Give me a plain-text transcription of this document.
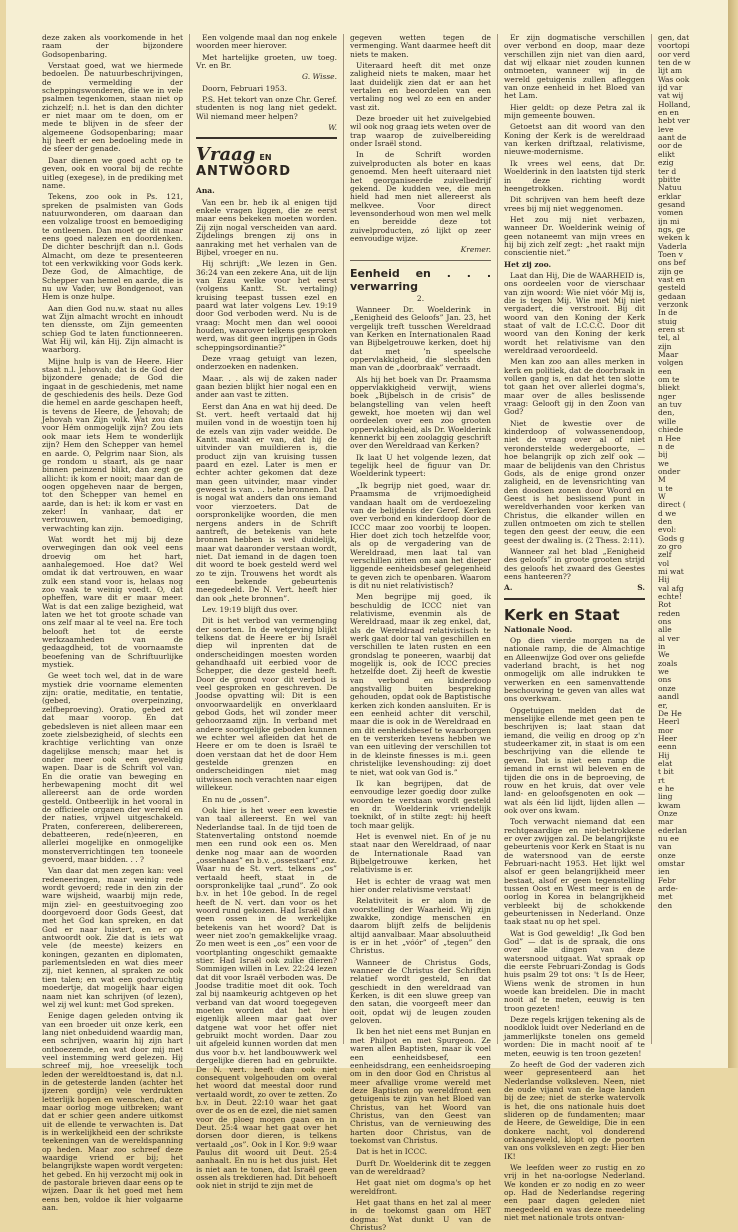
deze zaken als voorkomende in het raam der bijzondere Godsopenbaring.

Verstaat goed, wat we hiermede bedoelen. De natuurbeschrijvingen, de vermelding der scheppingswonderen, die we in vele psalmen tegenkomen, staan niet op zichzelf; n.l. het is dan den dichter er niet maar om te doen, om er mede te blijven in de sfeer der algemeene Godsopenbaring; maar hij heeft er een bedoeling mede in de sfeer der genade.

Daar dienen we goed acht op te geven, ook en vooral bij de rechte uitleg (exegese), in de prediking met name.

Tekens, zoo ook in Ps. 121, spreken de psalmisten van Gods natuurwonderen, om daaraan dan een volzalige troost en bemoediging te ontleenen. Dan moet ge dit maar eens goed nalezen en doordenken. De dichter beschrijft dan n.l. Gods Almacht, om deze te presenteeren tot een verkwikking voor Gods kerk. Deze God, de Almachtige, de Schepper van hemel en aarde, die is nu uw Vader, uw Bondgenoot, van Hem is onze hulpe.

Aan dien God nu.w. staat nu alles wat Zijn almacht wrocht en inhoudt ten diensste, om Zijn gemeenten schiep God te laten functionneeren. Wat Hij wil, kán Hij. Zijn almacht is waarborg.

Mijne hulp is van de Heere. Hier staat n.l. Jehovah; dat is de God der bijzondere genade; de God die ingaat in de geschiedenis, met name de geschiedenis des heils. Deze God die hemel en aarde geschapen heeft, is tevens de Heere, de Jehovah; de Jehovah van Zijn volk. Wat zou dan voor Hém onmogelijk zijn? Zou iets ook maar iets Hem te wonderlijk zijn? Hem den Schepper van hemel en aarde. O, Pelgrim naar Sion, als ge rondom u staart, als ge naar binnen peinzend blikt, dan zegt ge allicht: ik kom er nooit; maar dan de oogen opgeheven naar de bergen, tot den Schepper van hemel en aarde, dan is het: ik kom er vast en zeker! In vanhaar, dat er vertrouwen, bemoediging, verwachting kan zijn.

Wat wordt het mij bij deze overwegingen dan ook veel eens droevig om het hart, aanhalegemoed. Hoe dat? Wel omdat ik dat vertrouwen, en waar zulk een stand voor is, helaas nog zoo vaak te weinig voedt. O, dat opheffen, ware dit er maar meer. Wat is dat een zalige bezigheid, wat laten we het tot groote schade van ons zelf maar al te veel na. Ere toch belooft het tot de eerste werkzaamheden van de gedaagdheid, tot de voornaamste beoefening van de Schriftuurlijke mystiek.

Ge weet toch wel, dat in de ware mystiek drie voorname elementen zijn: oratie, meditatie, en tentatie, (gebed, overpeinzing, zelfbeproeving). Oratio, gebed zet dat maar voorop. En dat gebedsleven is niet alleen maar een zoete zielsbezigheid, of slechts een krachtige verlichting van onze dagelijkse mensch; maar het is onder meer ook een geweldig wapen. Daar is de Schrift vol van. En die oratie van beweging en herbewapening mocht dit wel allereerst aan de orde worden gesteld. Ontbeerlijk in het vooral in de officieele organen der wereld en der naties, vrijwel uitgeschakeld. Praten, conferereen, deliberereen, debatteeren, rede(n)eeren, en allerlei mogelijke en onmogelijke monsterverrichtingen ten tooneele gevoerd, maar bidden. . . ?

Van daar dat men zegen kan: veel redeneeringen, maar weinig rede wordt gevoerd; rede in den zin der ware wijsheid, waarbij mijn rede, mijn ziel- en geestuitvoeging zoo doorgevoerd door Gods Geest, dat met het God kan spreken, en dat God er naar luistert, en er op antwoordt ook. Zie dat is iets wat vele (de meeste) keizers en koningen, gezanten en diplomaten, parlementsleden en wat dies meer zij, niet kennen, al spraken ze ook tien talen; en wat een godvruchtig moedertje, dat mogelijk haar eigen naam niet kan schrijven (of lezen), wel zij wel kunt: met God spreken.

Eenige dagen geleden ontving ik van een broeder uit onze kerk, een lang niet onbeduidend waardig man, een schrijven, waarin hij zijn hart ontboezemde, en wat door mij met veel instemming werd gelezen. Hij schreef mij, hoe vreeselijk toch leden der wereldtoestand is, dat n.l. in de getesterde landen (achter het ijzeren gordijn) vele verdrukten letterlijk hopen en wenschen, dat er maar oorlog moge uitbreken; want dat er schier geen andere uitkomst uit de ellende te verwachten is. Dat is in werkelijkheid een der schrikste teekeningen van de wereldspanning op heden. Maar zoo schreef deze waardige vriend er bij; het belangrijkste wapen wordt vergeten: het gebed. En hij verzocht mij ook in de pastorale brieven daar eens op te wijzen. Daar ik het goed met hem eens ben, voldoe ik hier volgaarne aan.

Een volgende maal dan nog enkele woorden meer hierover.

Met hartelijke groeten, uw toeg. Vr. en Br.

G. Wisse.

Doorn, Februari 1953.

P.S. Het tekort van onze Chr. Geref. studenten is nog lang niet gedekt. Wil niemand meer helpen?

W.

Vraag EN
ANTWOORD

Ana.

Van een br. heb ik al enigen tijd enkele vragen liggen, die ze eerst maar eens bekeken moeten worden. Zij zijn nogal verscheiden van aard. Zijdelings brengen zij ons in aanraking met het verhalen van de Bijbel, vroeger en nu.

Hij schrijft: „We lezen in Gen. 36:24 van een zekere Ana, uit de lijn van Ezau welke voor het eerst (volgens Kantt. St. vertaling) kruising teepast tussen ezel en paard wat later volgens Lev. 19:19 door God verboden werd. Nu is de vraag: Mocht men dan wel ooooi houden, waarover telkens gesproken werd, was dit geen ingrijpen in Gods scheppingsordinantie?”

Deze vraag getuigt van lezen, onderzoeken en nadenken.

Maar. . . als wij de zaken nader gaan bezien blijkt hier nogal een en ander aan vast te zitten.

Eerst dan Ana en wat hij deed. De St. vert. heeft vertaald dat hij muilen vond in de woestijn toen hij de ezels van zijn vader weidde. De Kantt. maakt er van, dat hij de uitvinder van muildieren is, die product zijn van kruising tussen paard en ezel. Later is men er echter achter gekomen dat deze man geen uitvinder, maar vinder geweest is van. . . hete bronnen. Dat is nogal wat anders dan ons iemand voor vierzoeters. Dat de oorspronkelijke woorden, die men nergens anders in de Schrift aantreft, de betekenis van hete bronnen hebben is wel duidelijk, maar wat daaronder verstaan wordt, niet. Dat iemand in de dagen toen dit woord te boek gesteld werd wel zo te zijn. Trouwens het wordt als een bekende gebeurtenis meegedeeld. De N. Vert. heeft hier dan ook „hete bronnen”.

Lev. 19:19 blijft dus over.

Dit is het verbod van vermenging der soorten. In de wetgeving blijkt telkens dat de Heere er bij Israël diep wil inprenten dat de onderscheidingen moesten worden gehandhaafd uit eerbied voor de Schepper, die deze gesteld heeft. Door de grond voor dit verbod is veel gesproken en geschreven. De Joodse opvatting wil: Dit is een onvoorwaardelijk en onverklaard gebod Gods, het wil zonder meer gehoorzaamd zijn. In verband met andere soortgelijke geboden kunnen we echter wel afleiden dat het de Heere er om te doen is Israël te doen verstaan dat het de door Hem gestelde grenzen en onderscheidingen niet mag uitwissen noch verachten naar eigen willekeur.

En nu de „ossen”.

Ook hier is het weer een kwestie van taal allereerst. En wel van Nederlandse taal. In de tijd toen de Statenvertaling ontstond noemde men een rund ook een os. Men denke nog maar aan de woorden „ossenhaas” en b.v. „ossestaart” enz. Waar nu de St. vert. telkens „os” vertaald heeft, staat in de oorspronkelijke taal „rund”. Zo ook b.v. in het 10e gebod. In de regel heeft de N. vert. dan voor os het woord rund gekozen. Had Israël dan geen ossen in de werkelijke betekenis van het woord? Dat is weer niet zoo'n gemakkelijke vraag. Zo men weet is een „os” een voor de voortplanting ongeschikt gemaakte stier. Had Israël ook zulke dieren? Sommigen willen in Lev. 22:24 lezen dat dit voor Israël verboden was. De Joodse traditie moet dit ook. Toch zal bij naamkeurig achtgeven op het verband van dat woord toegegeven moeten worden dat het hier eigenlijk alleen maar gaat over datgene wat voor het offer niet gebruikt mocht worden. Daar zou uit afgeleid kunnen worden dat men dus voor b.v. het landbouwwerk wel dergelijke dieren had en gebruikte. De N. vert. heeft dan ook niet consequent volgehouden om overal het woord dat meestal door rund vertaald wordt, zo over te zetten. Zo b.v. in Deut. 22:10 waar het gaat over de os en de ezel, die niet samen voor de ploeg mogen gaan en in Deut. 25:4 waar het gaat over het dorsen door dieren, is telkens vertaald „os”. Ook in I Kor. 9:9 waar Paulus dit woord uit Deut. 25:4 aanhaalt. En nu is het dus juist. Het is niet aan te tonen, dat Israël geen ossen als trekdieren had. Dit behoeft ook niet in strijd te zijn met de

gegeven wetten tegen de vermenging. Want daarmee heeft dit niets te maken.

Uiteraard heeft dit met onze zaligheid niets te maken, maar het laat duidelijk zien dat er aan het vertalen en beoordelen van een vertaling nog wel zo een en ander vast zit.

Deze broeder uit het zuivelgebied wil ook nog graag iets weten over de trap waarop de zuivelbereiding onder Israël stond.

In de Schrift worden zuivelproducten als boter en kaas genoemd. Men heeft uiteraard niet het georganiseerde zuivelbedrijf gekend. De kudden vee, die men hield had men niet allereerst als melkvee. Voor direct levensonderhoud won men wel melk en bereidde deze tot zuivelproducten, zó lijkt op zeer eenvoudige wijze.

Kremer.

Eenheid en . . . verwarring

2.

Wanneer Dr. Woelderink in „Eenigheid des Geloofs” Jan. 23, het vergelijk treft tusschen Wereldraad van Kerken en Internationalen Raad van Bijbelgetrouwe kerken, doet hij dat met ’n speelsche oppervlakkigheid, die slechts den man van de „doorbraak” verraadt.

Als hij het boek van Dr. Praamsma oppervlakkigheid verwijt, wiens boek „Bijbelsch in de crisis” de belangstelling van velen heeft gewekt, hoe moeten wij dan wel oordeelen over een zoo grooten oppervlakkigheid, als Dr. Woelderink kennerkt bij een zoolaggig geschrift over den Wereldraad van Kerken?

Ik laat U het volgende lezen, dat tegelijk heel de figuur van Dr. Woelderink typeert:

„Ik begrijp niet goed, waar dr. Praamsma de vrijmoedigheid vandaan haalt om de verdoezeling van de belijdenis der Geref. Kerken over verbond en kinderdoop door de ICCC maar zoo voorbij te loopen. Hier doet zich toch hetzelfde voor, als op de vergadering van de Wereldraad, men laat tal van verschillen zitten om aan het dieper liggende eenheidsbesef gelegenheid te geven zich te openbaren. Waarom is dit nu niet relativistisch?

Men begrijpe mij goed, ik beschuldig de ICCC niet van relativisme, evenmin als de Wereldraad, maar ik zeg enkel, dat, als de Wereldraad relativistisch te werk gaat door tal van geschillen en verschillen te laten rusten en een grondslag te poneeren, waarbij dat mogelijk is, ook de ICCC precies hetzelfde doet. Zij heeft de kwestie van verbond en kinderdoop angstvallig buiten bespreking gehouden, opdat ook de Baptistische kerken zich konden aansluiten. Er is een eenheid achter dit verschil, maar die is ook in de Wereldraad en om dit eenheidsbesef te waarborgen en te versterken tevens hebben we van een uitleving der verschillen tot in de kleinste finesses is m.i. geen christelijke levenshouding: zij doet te niet, wat ook van God is.”

Ik kan begrijpen, dat de eenvoudige lezer goedig door zulke woorden te verstaan wordt gesteld en dr. Woelderink vriendelijk toeknikt, of in stilte zegt: hij heeft toch maar gelijk.

Het is evenwel niet. En of je nu staat naar den Wereldraad, of naar de Internationale Raad van Bijbelgetrouwe kerken, het relativisme is er.

Het is echter de vraag wat men hier onder relativisme verstaat!

Relativiteit is er alom in de voorstelling der Waarheid. Wij zijn zwakke, zondige menschen en daarom blijft zelfs de belijdenis altijd aanvalbaar. Maar absoluutheid is er in het „vóór” of „tegen” den Christus.

Wanneer de Christus Gods, wanneer de Christus der Schriften relatief wordt gesteld, en dat geschiedt in den wereldraad van Kerken, is dit een sluwe greep van den satan, die voorgeeft meer dan ooit, opdat wij de leugen zouden geloven.

Ik ben het niet eens met Bunjan en met Philpot en met Spurgeon. Ze waren allen Baptisten, maar ik voel een eenheidsbesef, een eenheidsdrang, een eenheidsroeping om in den door God en Christus al meer afvallige vrome wereld met deze Baptisten op wereldfront een getuigenis te zijn van het Bloed van Christus, van het Woord van Christus, van den Geest van Christus, van de vernieuwing des harten door Christus, van de toekomst van Christus.

Dat is het in ICCC.

Durft Dr. Woelderink dit te zeggen van de wereldraad?

Het gaat niet om dogma's op het wereldfront.

Het gaat thans en het zal al meer in de toekomst gaan om HET dogma: Wat dunkt U van de Christus?

Er zijn dogmatische verschillen over verbond en doop, maar deze verschillen zijn niet van dien aard, dat wij elkaar niet zouden kunnen ontmoeten, wanneer wij in de wereld getuigenis zullen afleggen van onze eenheid in het Bloed van het Lam.

Hier geldt: op deze Petra zal ik mijn gemeente bouwen.

Getoetst aan dit woord van den Koning der Kerk is de wereldraad van kerken driftzaal, relativisme, nieuwe-modernisme.

Ik vrees wel eens, dat Dr. Woelderink in den laatsten tijd sterk in deze richting wordt heengetrokken.

Dit schrijven van hem heeft deze vrees bij mij niet weggenomen.

Het zou mij niet verbazen, wanneer Dr. Woelderink weinig of geen notaneemt van mijn vrees en hij bij zich zelf zegt: „het raakt mijn conscientie niet.”

Het zij zoo.

Laat dan Hij, Die de WAARHEID is, ons oordeelen voor de vierschaar van zijn woord: Wie niet vóór Mij is, die is tegen Mij. Wie met Mij niet vergadert, die verstrooit. Bij dit woord van den Koning der Kerk staat of valt de I.C.C.C. Door dit woord van den Koning der kerk wordt het relativisme van den wereldraad veroordeeld.

Men kan zoo aan alles merken in kerk en politiek, dat de doorbraak in vollen gang is, en dat het ten slotte tot gaan het over allerlei dogma's, maar over de alles beslissende vraag: Gelooft gij in den Zoon van God?

Niet de kwestie over de kinderdoop of volwassenendoop, niet de vraag over al of niet veronderstelde wedergeboorte, — hoe belangrijk op zich zelf ook — maar de belijdenis van den Christus Gods, als de enige grond onzer zaligheid, en de levensrichting van den doodsen zonen door Woord en Geest is het beslissend punt in wereldverhanden voor kerken van Christus, die elkander willen en zullen ontmoeten om zich te stellen tegen den geest der eeuw, die een geest der dwaling is. (2 Thess. 2:11).

Wanneer zal het blad „Eenigheid des geloofs” in groote grooten strijd des geloofs het zwaard des Geestes eens hanteeren??

A.	S.
Kerk en Staat

Nationale Nood.

Op dien vierde morgen na de nationale ramp, die de Almachtige en Alleenwijze God over ons geliefde vaderland bracht, is het nog onmogelijk om alle indrukken te verwerken en een samenvattende beschouwing te geven van alles wat ons overkwam.

Opgetuigen melden dat de menselijke ellende met geen pen te beschrijven is; laat staan dat iemand, die veilig en droog op z'n studeerkamer zit, in staat is om een beschrijving van die ellende te geven. Dat is niet een ramp die iemand in ernst wil beleven en de tijden die ons in de beproeving, de rouw en het kruis, dat over vele land- en geloofsgenoten en ook — wat als één lid lijdt, lijden allen — ook over ons kwam.

Toch verwacht niemand dat een rechtgeaardige en niet-betrokkene er over zwijgen zal. De belangrijkste gebeurtenis voor Kerk en Staat is nu de watersnood van de eerste Februari-nacht 1953. Het lijkt wel alsof er geen belangrijkheid meer bestaat, alsof er geen tegenstelling tussen Oost en West meer is en de oorlog in Korea in belangrijkheid verbleekt bij de schokkende gebeurtenissen in Nederland. Onze taak staat nu op het spel.

Wat is God geweldig! „Ik God ben God” — dat is de spraak, die ons over alle dingen van deze watersnood uitgaat. Wat spraak op die eerste Februari-Zondag is Gods huis psalm 29 tot ons: 't Is de Heer, Wiens wenk de stromen in hun woede kan breidelen. Die in macht nooit af te meten, eeuwig is ten troon gezeten!

Deze regels krijgen tekening als de noodklok luidt over Nederland en de jammerlijkste tonelen ons gemeld worden: Die in macht nooit af te meten, eeuwig is ten troon gezeten!

Zo heeft de God der vaderen zich weer gepresenteerd aan het Nederlandse volksleven. Neen, niet de oude vijand van de lage landen bij de zee; niet de sterke watervolk is het, die ons nationale huis doet slideren op de fundamenten; maar de Heere, de Geweldige, Die in een donkere nacht, vol donderend orkaangeweld, klopt op de poorten van ons volksleven en zegt: Hier ben IK!

We leefden weer zo rustig en zo vrij in het na-oorlogse Nederland. We konden er zo nodig en zo weer op. Had de Nederlandse regering een paar dagen geleden niet meegedeeld en was deze meedeling niet met nationale trots ontvan-

gen, dat
voortopi
oor verd
ten de w
lijt am
Was ook
ijd var
vat wij
Holland,
en en
hebt ver
leve
aant de
oor de
elikt
ezig
ter d
pbitte
Natuu
erklar
gesand
vomen
ijn mi
ngs, ge
weken k
Vaderla
Toen v
ons bef
zijn ge
vast en
gesteld
gedaan
verzonk
In de
stuig
eren st
tel, al
zijn
Maar
volgen
een
om te
bliekt
nger
an tuv
den,
wille
chiede
n Hee
n de
bij
we
onder
M
u te
W
direct (
d we
den
evol:
Gods g
zo gro
zelf
vol
mi wat
Hij
val afg
echte!
Rot
reden
ons
alle
al ver
in
We
zoals
we
ons
onze
aandl
er,
De He
Heerl
mor
Heer
eenn
Hij
elat
t bit
rt
e he
ling
kwam
Onze
mar
ederlan
nu ee
van
onze
omstar
ien
Febr
arde-
met
den
